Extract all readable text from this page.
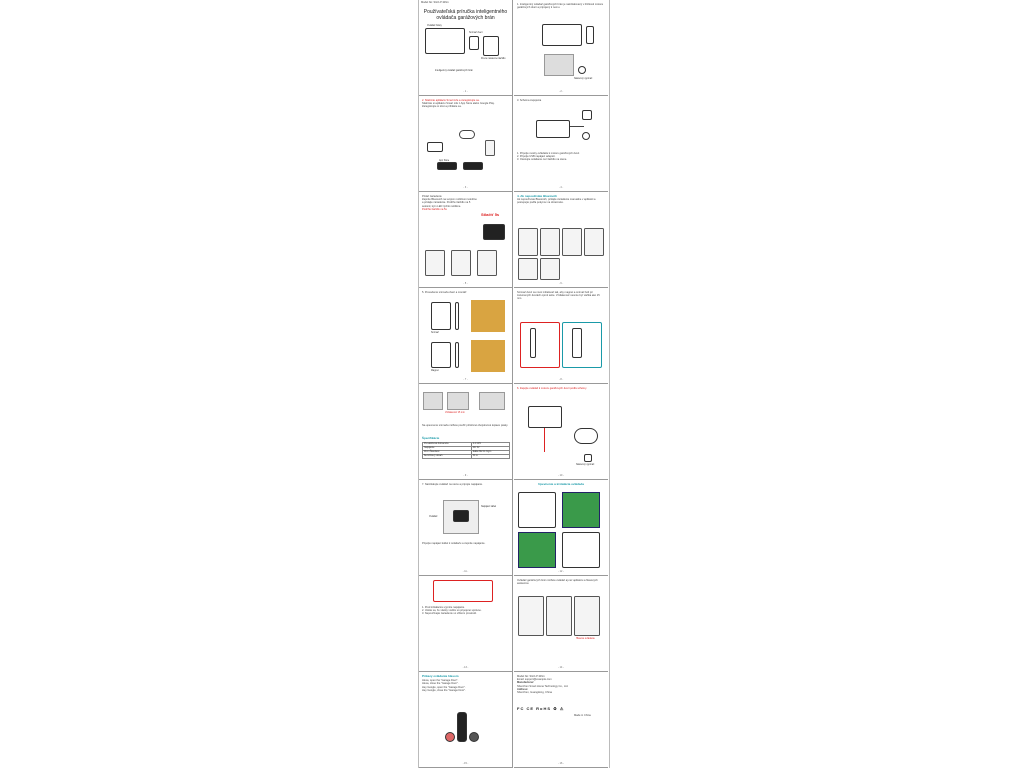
Model No: SGO-P-WG1

Používateľská príručka inteligentného

ovládača garážových brán

Ovládač brány
Snímač dverí
Pevné nástenné tlačidlo
Inteligentný ovládač garážových brán
- 1 -

1. Inteligentný ovládač garážových brán je nainštalovaný v blízkosti motora garážových dverí a pripojený k nemu.

Nástenný vypínač
- 2 -

2. Stiahnite aplikáciu Smart Life a zaregistrujte sa.

Stiahnite si aplikáciu Smart Life z App Store alebo Google Play. Zaregistrujte si účet a prihláste sa.

App Store
- 3 -

3. Schéma zapojenia

1. Pripojte svorky ovládača k motoru garážových dverí.
2. Pripojte USB napájací adaptér.
3. Otestujte ovládanie cez tlačidlo na stene.

- 4 -

Pridať zariadenie

Zapnite Bluetooth na svojom mobilnom telefóne a pridajte zariadenie. Podržte tlačidlo na 5 sekúnd, kým LED rýchlo neblikne.

Podržte tlačidlo na 5s

Stlačiť 5s
- 5 -

4. Ak nepoužíváte Bluetooth

Ak nepoužívate Bluetooth, pridajte zariadenie manuálne v aplikácii a postupujte podľa pokynov na obrazovke.

- 6 -

5. Prevedenie snímača dverí a montáž

Snímač
Magnet
- 7 -

Snímač dverí sa musí inštalovať tak, aby magnet a snímač boli pri zatvorených dverách oproti sebe. Vzdialenosť nesmie byť väčšia ako 15 mm.

- 8 -
Vzdialenosť 15 mm

Na upevnenie snímača môžete použiť priložené obojstranné lepiace pásky.

Špecifikácie

Prevádzková frekvencia	2.4 GHz
Napájanie	DC 5V
Wi-Fi Štandard	IEEE 802.11 b/g/n
Bezdrôtový dosah	50 m
- 9 -

6. Zapojte ovládač k motoru garážových dverí podľa schémy.

Nástenný vypínač
- 10 -

7. Nainštalujte ovládač na stenu a pripojte napájanie.

Ovládač
Napájací kábel

Pripojte napájací kábel k ovládaču a zapnite napájanie.

- 11 -

Upevnenie a inštalácia ovládača

- 12 -

1. Pred inštaláciou vypnite napájanie.
2. Uistite sa, že všetky vodiče sú pripojené správne.
3. Nepoužívajte zariadenie vo vlhkom prostredí.

- 13 -

Ovládač garážových brán môžete ovládať aj cez aplikáciu a hlasových asistentov.

Hlasové ovládanie
- 14 -

Príkazy ovládania hlasom

Alexa, open the "Garage Door".

Alexa, close the "Garage Door".

Hey Google, open the "Garage Door".

Hey Google, close the "Garage Door".

- 15 -

Model No: SGO-P-WG1

Email: support@example.com

Manufacturer:

Shenzhen Smart Home Technology Co., Ltd.

Address:

Shenzhen, Guangdong, China

FC CE RoHS ♻ ⚠

Made in China

- 16 -
